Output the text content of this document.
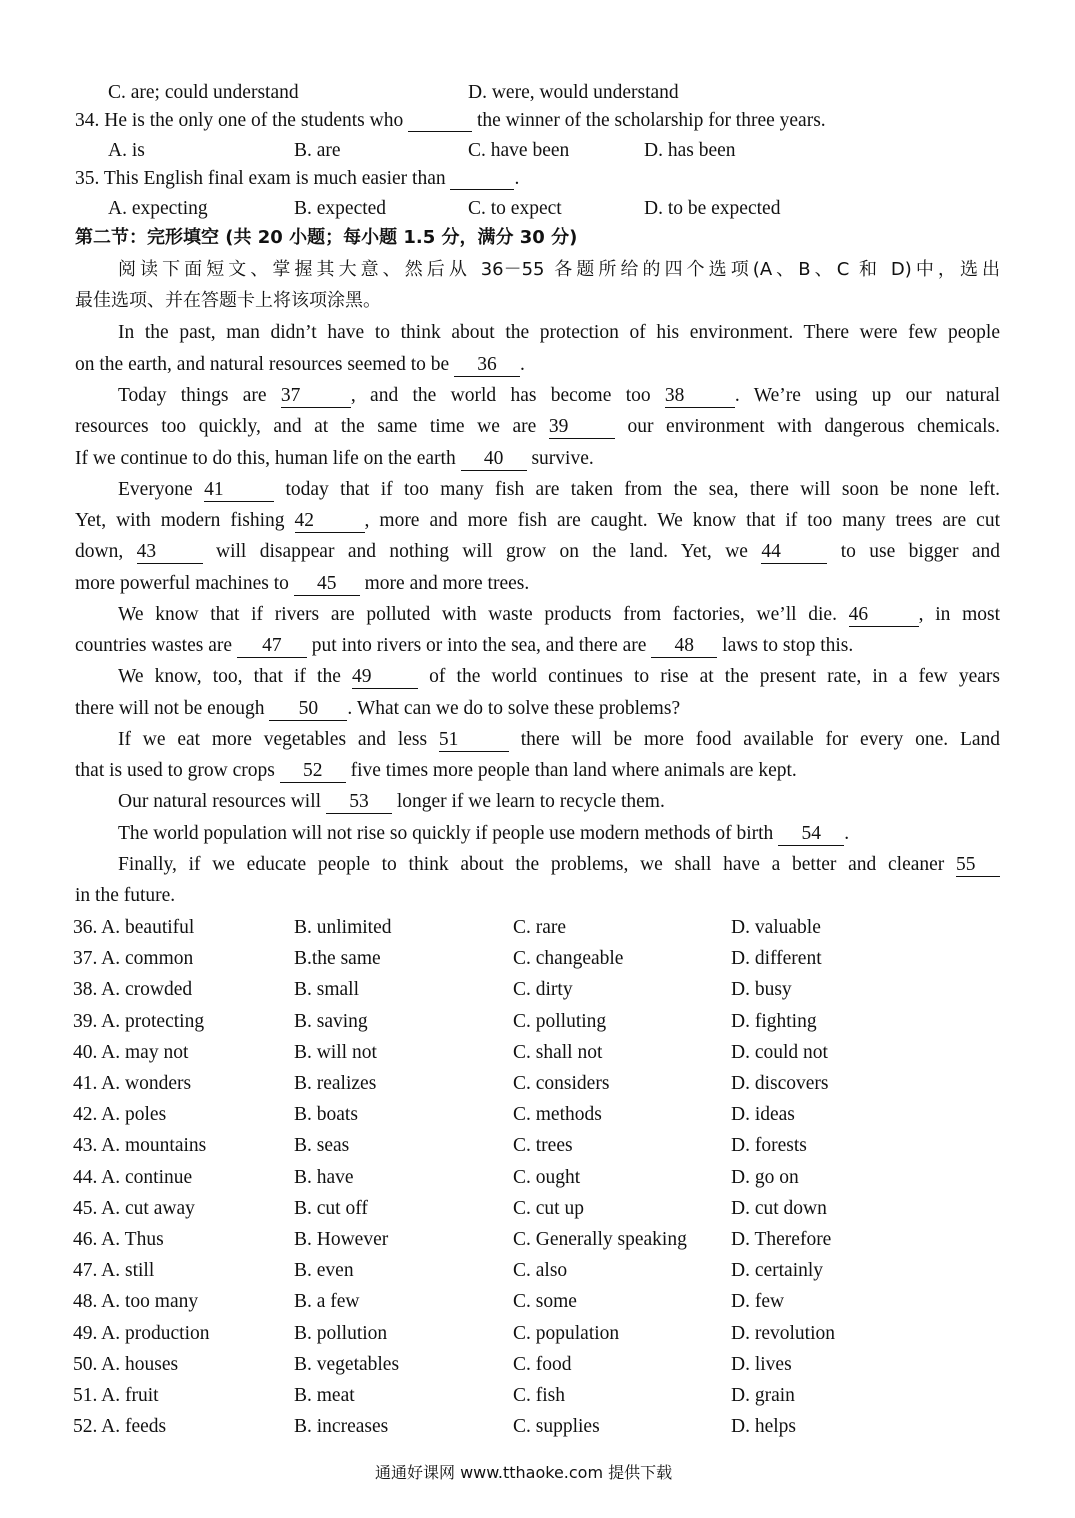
C. are; could understand	D. were, would understand
34. He is the only one of the students who	the winner of the scholarship for three years.
A. is	B. are	C. have been	D. has been
35. This English final exam is much easier than	.
A. expecting	B. expected	C. to expect	D. to be expected
第二节：完形填空 (共 20 小题；每小题 1.5 分，满分 30 分)
阅读下面短文、掌握其大意、然后从 36－55 各题所给的四个选项(A、B、C 和 D)中，选出
最佳选项、并在答题卡上将该项涂黑。
In the past, man didn’t have to think about the protection of his environment. There were few people
on the earth, and natural resources seemed to be 36 .
Today things are 37	, and the world has become too 38	. We’re using up our natural
resources too quickly, and at the same time we are 39	our environment with dangerous chemicals.
If we continue to do this, human life on the earth 40 survive.
Everyone 41	today that if too many fish are taken from the sea, there will soon be none left.
Yet, with modern fishing 42	, more and more fish are caught. We know that if too many trees are cut
down, 43	will disappear and nothing will grow on the land. Yet, we 44	to use bigger and
more powerful machines to 45 more and more trees.
We know that if rivers are polluted with waste products from factories, we’ll die. 46	, in most
countries wastes are 47 put into rivers or into the sea, and there are 48 laws to stop this.
We know, too, that if the 49	of the world continues to rise at the present rate, in a few years
there will not be enough 50 . What can we do to solve these problems?
If we eat more vegetables and less 51	there will be more food available for every one. Land
that is used to grow crops 52 five times more people than land where animals are kept.
Our natural resources will 53 longer if we learn to recycle them.
The world population will not rise so quickly if people use modern methods of birth 54 .
Finally, if we educate people to think about the problems, we shall have a better and cleaner 55
in the future.
36. A. beautiful	B. unlimited	C. rare	D. valuable
37. A. common	B.the same	C. changeable	D. different
38. A. crowded	B. small	C. dirty	D. busy
39. A. protecting	B. saving	C. polluting	D. fighting
40. A. may not	B. will not	C. shall not	D. could not
41. A. wonders	B. realizes	C. considers	D. discovers
42. A. poles	B. boats	C. methods	D. ideas
43. A. mountains	B. seas	C. trees	D. forests
44. A. continue	B. have	C. ought	D. go on
45. A. cut away	B. cut off	C. cut up	D. cut down
46. A. Thus	B. However	C. Generally speaking D. Therefore
47. A. still	B. even	C. also	D. certainly
48. A. too many	B. a few	C. some	D. few
49. A. production	B. pollution	C. population	D. revolution
50. A. houses	B. vegetables	C. food	D. lives
51. A. fruit	B. meat	C. fish	D. grain
52. A. feeds	B. increases	C. supplies	D. helps
通通好课网 www.tthaoke.com 提供下载
